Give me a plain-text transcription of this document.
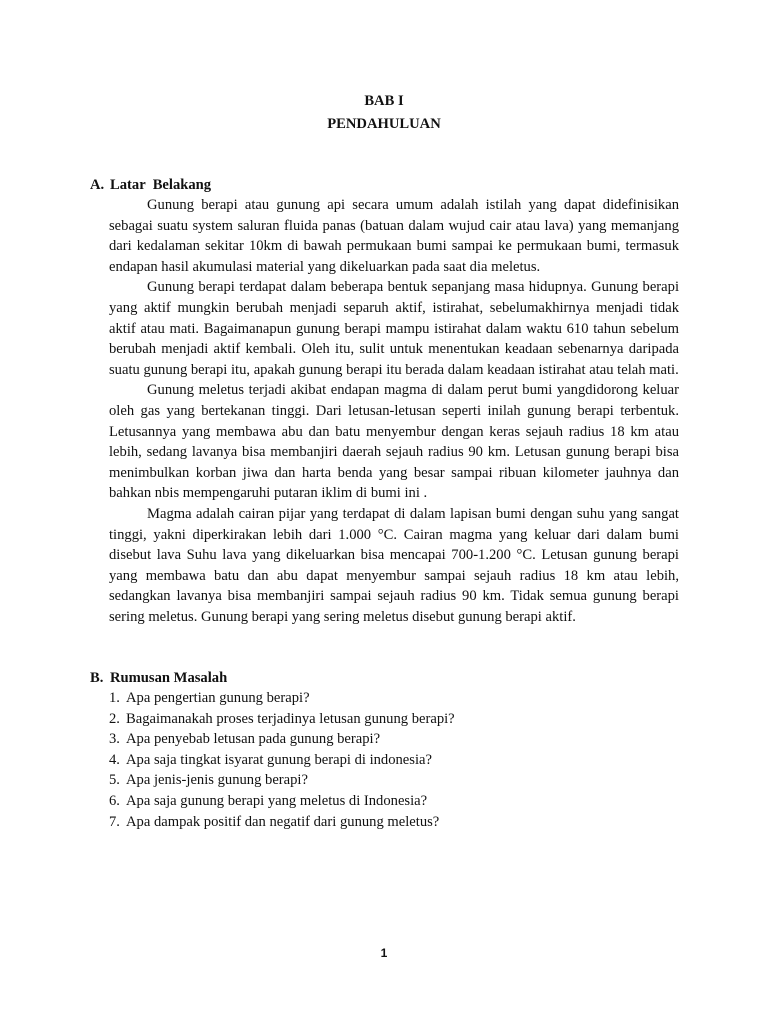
BAB I
PENDAHULUAN
A. Latar  Belakang

Gunung berapi atau gunung api secara umum adalah istilah yang dapat didefinisikan sebagai suatu system saluran fluida panas (batuan dalam wujud cair atau lava) yang memanjang dari kedalaman sekitar 10km di bawah permukaan bumi sampai ke permukaan bumi, termasuk endapan hasil akumulasi material yang dikeluarkan pada saat dia meletus.

Gunung berapi terdapat dalam beberapa bentuk sepanjang masa hidupnya. Gunung berapi yang aktif mungkin berubah menjadi separuh aktif, istirahat, sebelumakhirnya menjadi tidak aktif atau mati. Bagaimanapun gunung berapi mampu istirahat dalam waktu 610 tahun sebelum berubah menjadi aktif kembali. Oleh itu, sulit untuk menentukan keadaan sebenarnya daripada suatu gunung berapi itu, apakah gunung berapi itu berada dalam keadaan istirahat atau telah mati.

Gunung meletus terjadi akibat endapan magma di dalam perut bumi yangdidorong keluar oleh gas yang bertekanan tinggi. Dari letusan-letusan seperti inilah gunung berapi terbentuk. Letusannya yang membawa abu dan batu menyembur dengan keras sejauh radius 18 km atau lebih, sedang lavanya bisa membanjiri daerah sejauh radius 90 km. Letusan gunung berapi bisa menimbulkan korban jiwa dan harta benda yang besar sampai ribuan kilometer jauhnya dan bahkan nbis mempengaruhi putaran iklim di bumi ini .

Magma adalah cairan pijar yang terdapat di dalam lapisan bumi dengan suhu yang sangat tinggi, yakni diperkirakan lebih dari 1.000 °C. Cairan magma yang keluar dari dalam bumi disebut lava Suhu lava yang dikeluarkan bisa mencapai 700-1.200 °C. Letusan gunung berapi yang membawa batu dan abu dapat menyembur sampai sejauh radius 18 km atau lebih, sedangkan lavanya bisa membanjiri sampai sejauh radius 90 km. Tidak semua gunung berapi sering meletus. Gunung berapi yang sering meletus disebut gunung berapi aktif.

B. Rumusan Masalah
1. Apa pengertian gunung berapi?
2. Bagaimanakah proses terjadinya letusan gunung berapi?
3. Apa penyebab letusan pada gunung berapi?
4. Apa saja tingkat isyarat gunung berapi di indonesia?
5. Apa jenis-jenis gunung berapi?
6. Apa saja gunung berapi yang meletus di Indonesia?
7. Apa dampak positif dan negatif dari gunung meletus?
1
